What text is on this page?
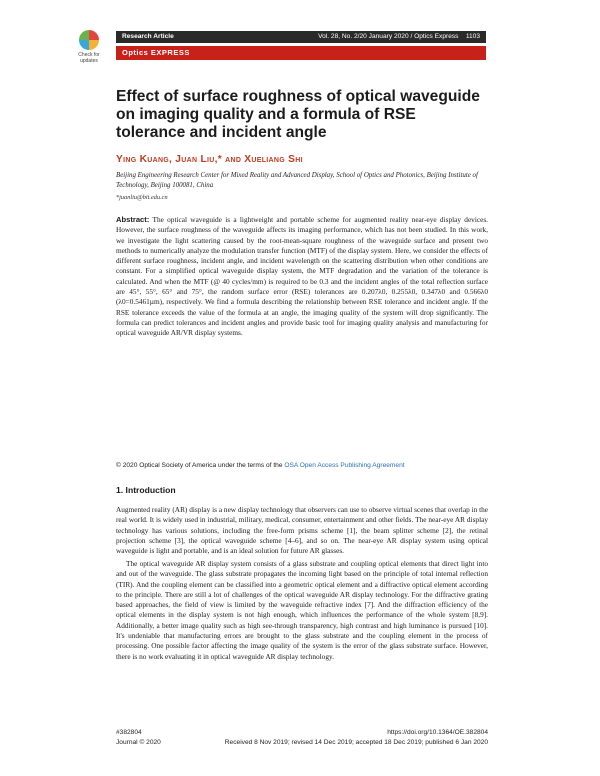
Check for updates
Research Article	Vol. 28, No. 2/20 January 2020 / Optics Express 1103
Optics EXPRESS
Effect of surface roughness of optical waveguide on imaging quality and a formula of RSE tolerance and incident angle
Ying Kuang, Juan Liu,* and Xueliang Shi
Beijing Engineering Research Center for Mixed Reality and Advanced Display, School of Optics and Photonics, Beijing Institute of Technology, Beijing 100081, China
*juanliu@bit.edu.cn

Abstract: The optical waveguide is a lightweight and portable scheme for augmented reality near-eye display devices. However, the surface roughness of the waveguide affects its imaging performance, which has not been studied. In this work, we investigate the light scattering caused by the root-mean-square roughness of the waveguide surface and present two methods to numerically analyze the modulation transfer function (MTF) of the display system. Here, we consider the effects of different surface roughness, incident angle, and incident wavelength on the scattering distribution when other conditions are constant. For a simplified optical waveguide display system, the MTF degradation and the variation of the tolerance is calculated. And when the MTF (@ 40 cycles/mm) is required to be 0.3 and the incident angles of the total reflection surface are 45°, 55°, 65° and 75°, the random surface error (RSE) tolerances are 0.207λ0, 0.255λ0, 0.347λ0 and 0.566λ0 (λ0=0.5461µm), respectively. We find a formula describing the relationship between RSE tolerance and incident angle. If the RSE tolerance exceeds the value of the formula at an angle, the imaging quality of the system will drop significantly. The formula can predict tolerances and incident angles and provide basic tool for imaging quality analysis and manufacturing for optical waveguide AR/VR display systems.

© 2020 Optical Society of America under the terms of the OSA Open Access Publishing Agreement
1. Introduction

Augmented reality (AR) display is a new display technology that observers can use to observe virtual scenes that overlap in the real world. It is widely used in industrial, military, medical, consumer, entertainment and other fields. The near-eye AR display technology has various solutions, including the free-form prisms scheme [1], the beam splitter scheme [2], the retinal projection scheme [3], the optical waveguide scheme [4–6], and so on. The near-eye AR display system using optical waveguide is light and portable, and is an ideal solution for future AR glasses.

The optical waveguide AR display system consists of a glass substrate and coupling optical elements that direct light into and out of the waveguide. The glass substrate propagates the incoming light based on the principle of total internal reflection (TIR). And the coupling element can be classified into a geometric optical element and a diffractive optical element according to the principle. There are still a lot of challenges of the optical waveguide AR display technology. For the diffractive grating based approaches, the field of view is limited by the waveguide refractive index [7]. And the diffraction efficiency of the optical elements in the display system is not high enough, which influences the performance of the whole system [8,9]. Additionally, a better image quality such as high see-through transparency, high contrast and high luminance is pursued [10]. It's undeniable that manufacturing errors are brought to the glass substrate and the coupling element in the process of processing. One possible factor affecting the image quality of the system is the error of the glass substrate surface. However, there is no work evaluating it in optical waveguide AR display technology.

#382804	https://doi.org/10.1364/OE.382804
Journal © 2020	Received 8 Nov 2019; revised 14 Dec 2019; accepted 18 Dec 2019; published 6 Jan 2020
